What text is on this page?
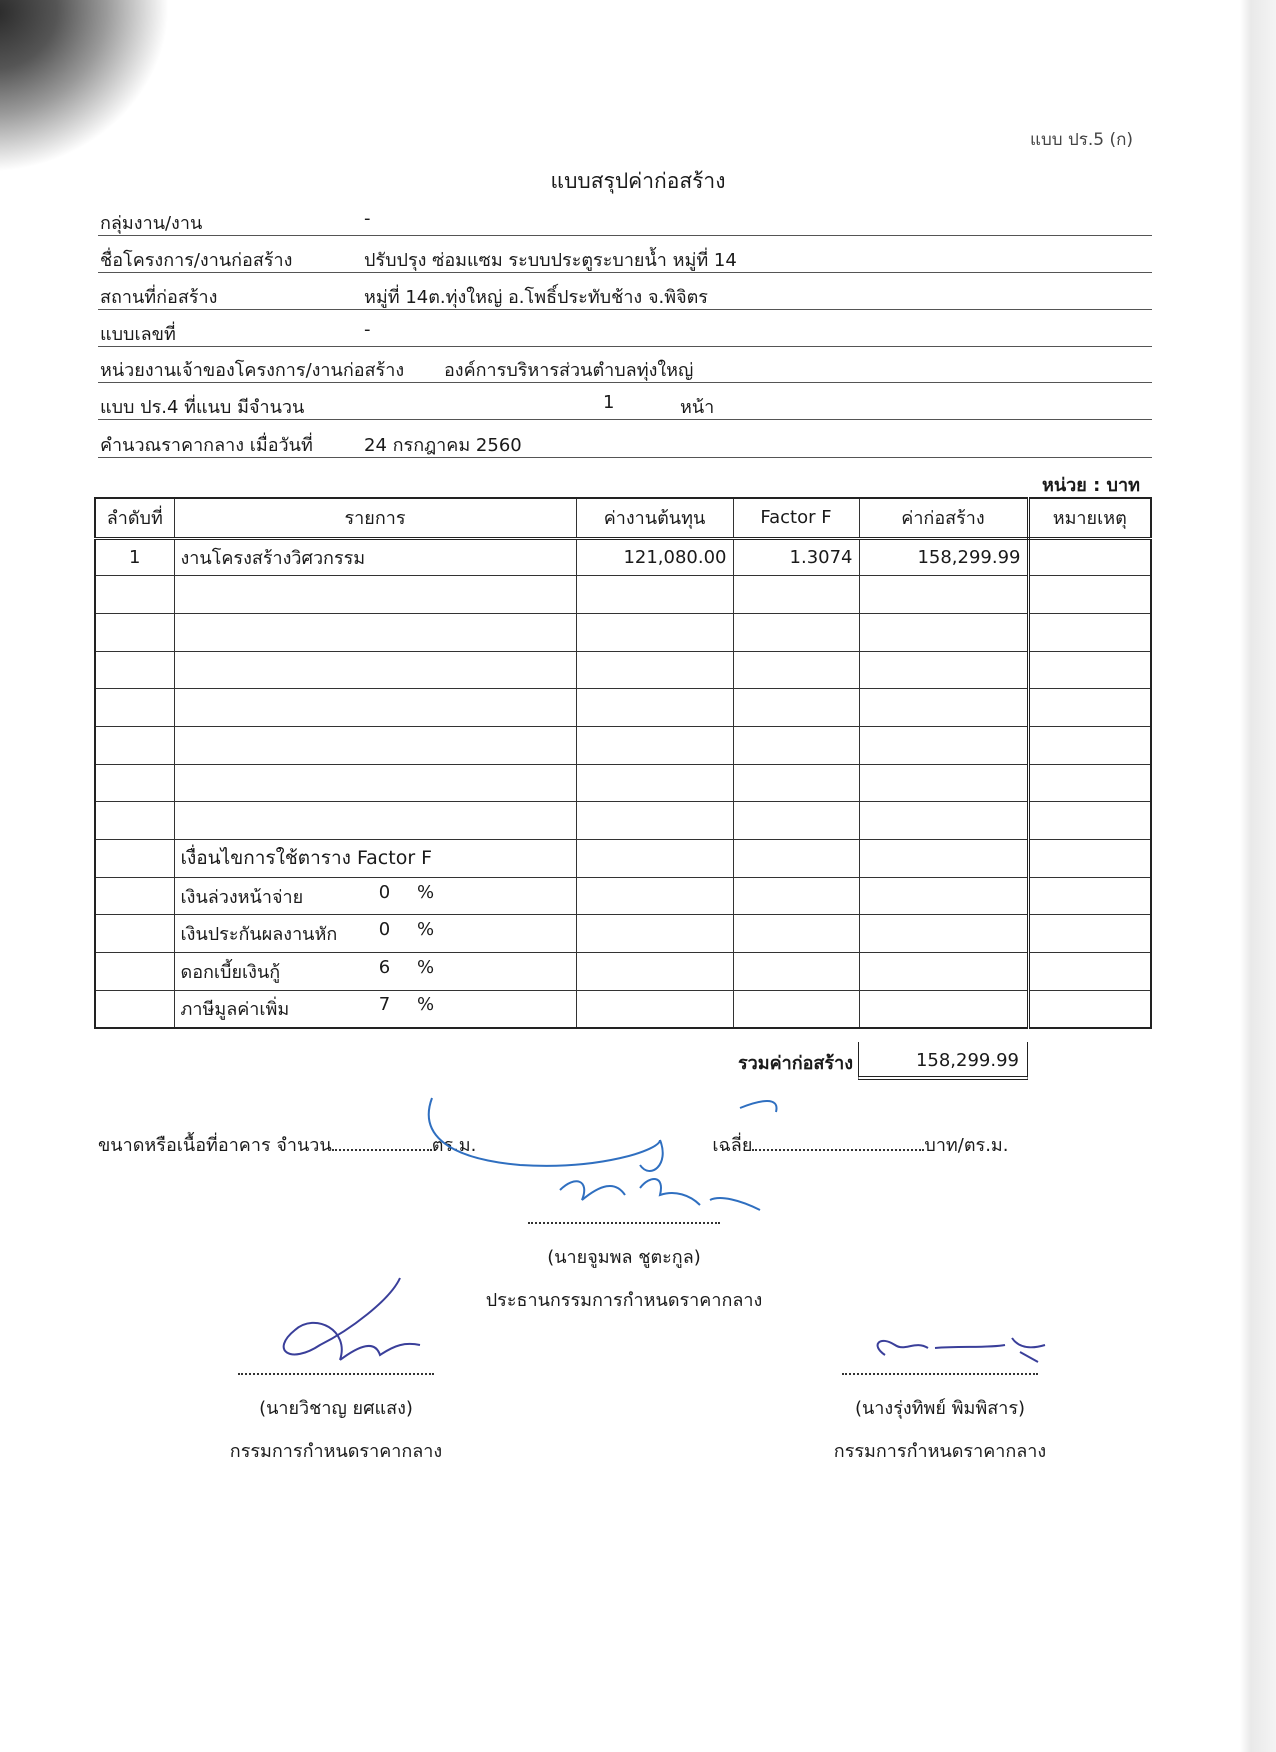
แบบ ปร.5 (ก)
แบบสรุปค่าก่อสร้าง
กลุ่มงาน/งาน	-
ชื่อโครงการ/งานก่อสร้าง	ปรับปรุง ซ่อมแซม ระบบประตูระบายน้ำ หมู่ที่ 14
สถานที่ก่อสร้าง	หมู่ที่ 14ต.ทุ่งใหญ่ อ.โพธิ์ประทับช้าง จ.พิจิตร
แบบเลขที่	-
หน่วยงานเจ้าของโครงการ/งานก่อสร้าง องค์การบริหารส่วนตำบลทุ่งใหญ่
แบบ ปร.4 ที่แนบ มีจำนวน	1	หน้า
คำนวณราคากลาง เมื่อวันที่	24 กรกฎาคม 2560
หน่วย : บาท
ลำดับที่	รายการ	ค่างานต้นทุน	Factor F	ค่าก่อสร้าง	หมายเหตุ
1	งานโครงสร้างวิศวกรรม	121,080.00	1.3074	158,299.99	

	เงื่อนไขการใช้ตาราง Factor F				

	เงินล่วงหน้าจ่าย 0 %				

	เงินประกันผลงานหัก 0 %				

	ดอกเบี้ยเงินกู้ 6 %				

	ภาษีมูลค่าเพิ่ม 7 %				

รวมค่าก่อสร้าง	158,299.99
ขนาดหรือเนื้อที่อาคาร จำนวน	ตร.ม.	เฉลี่ย	บาท/ตร.ม.
(นายจูมพล ชูตะกูล)
ประธานกรรมการกำหนดราคากลาง
(นายวิชาญ ยศแสง)
กรรมการกำหนดราคากลาง
(นางรุ่งทิพย์ พิมพิสาร)
กรรมการกำหนดราคากลาง
